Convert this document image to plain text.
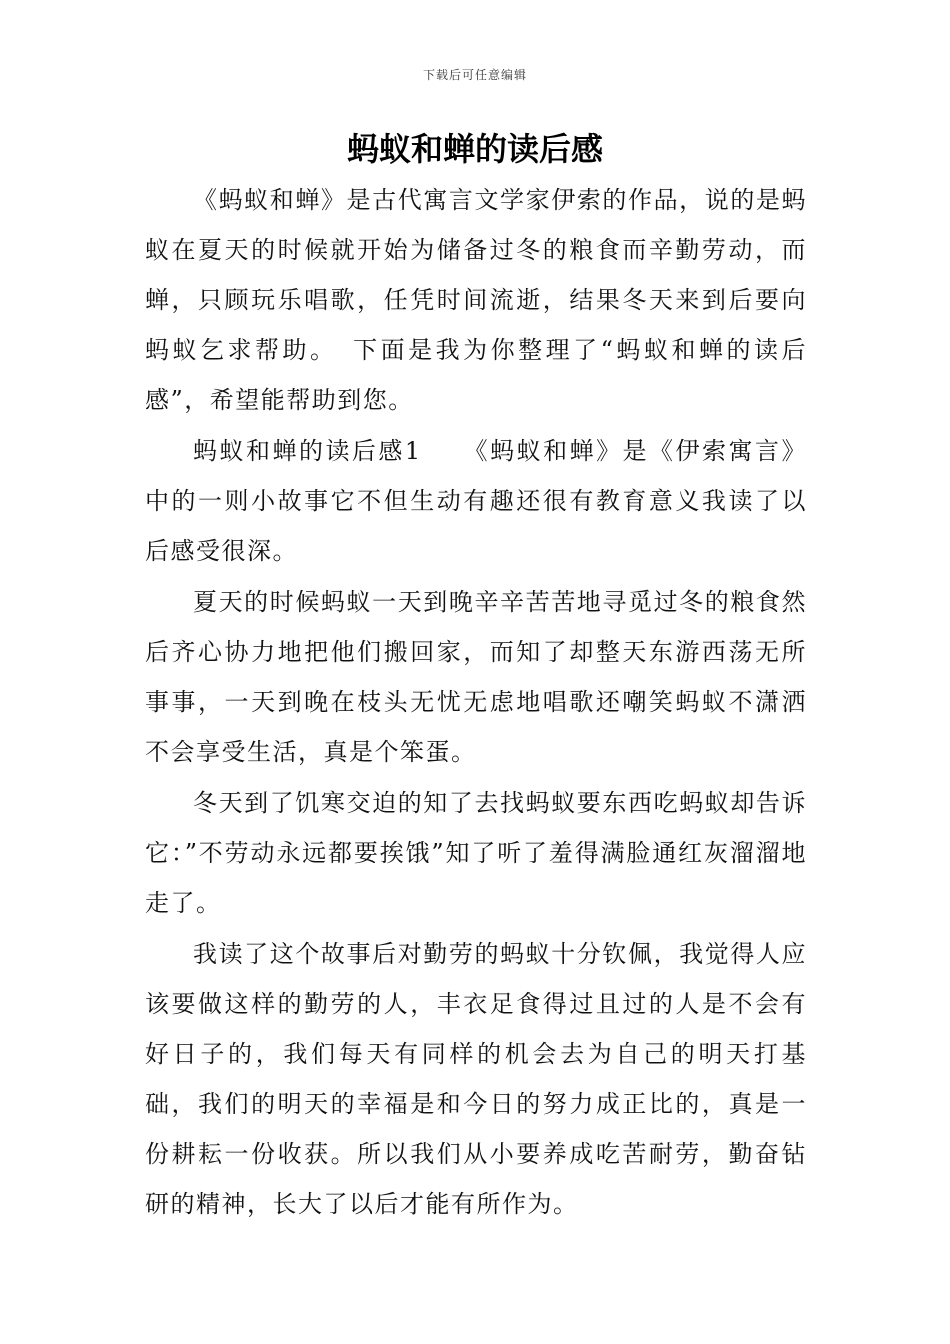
下载后可任意编辑
蚂蚁和蝉的读后感

《蚂蚁和蝉》是古代寓言文学家伊索的作品，说的是蚂蚁在夏天的时候就开始为储备过冬的粮食而辛勤劳动，而蝉，只顾玩乐唱歌，任凭时间流逝，结果冬天来到后要向蚂蚁乞求帮助。　下面是我为你整理了“蚂蚁和蝉的读后感”，希望能帮助到您。

蚂蚁和蝉的读后感1　　《蚂蚁和蝉》是《伊索寓言》中的一则小故事它不但生动有趣还很有教育意义我读了以后感受很深。

夏天的时候蚂蚁一天到晚辛辛苦苦地寻觅过冬的粮食然后齐心协力地把他们搬回家，而知了却整天东游西荡无所事事，一天到晚在枝头无忧无虑地唱歌还嘲笑蚂蚁不潇洒不会享受生活，真是个笨蛋。

冬天到了饥寒交迫的知了去找蚂蚁要东西吃蚂蚁却告诉它：”不劳动永远都要挨饿”知了听了羞得满脸通红灰溜溜地走了。

我读了这个故事后对勤劳的蚂蚁十分钦佩，我觉得人应该要做这样的勤劳的人，丰衣足食得过且过的人是不会有好日子的，我们每天有同样的机会去为自己的明天打基础，我们的明天的幸福是和今日的努力成正比的，真是一份耕耘一份收获。所以我们从小要养成吃苦耐劳，勤奋钻研的精神，长大了以后才能有所作为。
